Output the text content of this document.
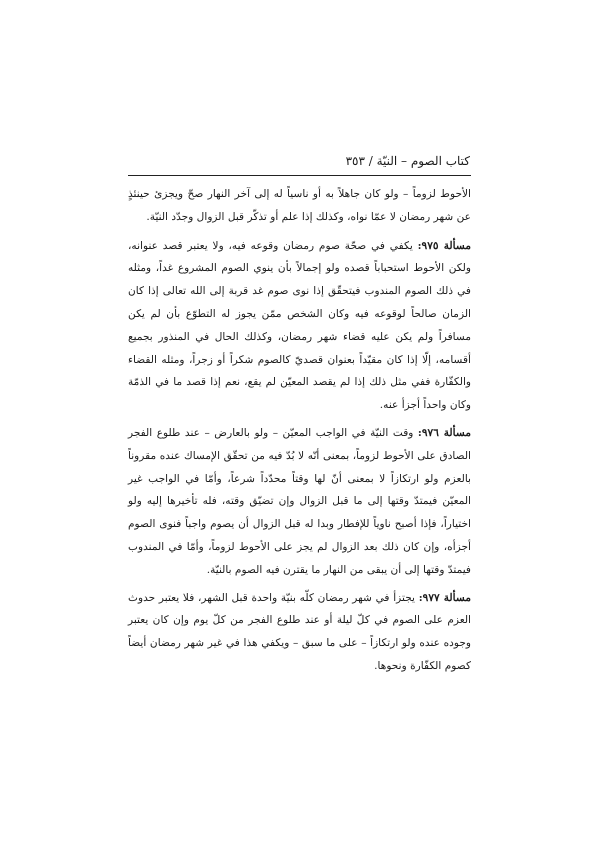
كتاب الصوم – النيّة / ٣٥٣

الأحوط لزوماً – ولو كان جاهلاً به أو ناسياً له إلى آخر النهار صحّ ويجزئ حينئذٍ عن شهر رمضان لا عمّا نواه، وكذلك إذا علم أو تذكّر قبل الزوال وجدّد النيّة.

مسألة ٩٧٥: يكفي في صحّة صوم رمضان وقوعه فيه، ولا يعتبر قصد عنوانه، ولكن الأحوط استحباباً قصده ولو إجمالاً بأن ينوي الصوم المشروع غداً، ومثله في ذلك الصوم المندوب فيتحقّق إذا نوى صوم غد قربة إلى الله تعالى إذا كان الزمان صالحاً لوقوعه فيه وكان الشخص ممّن يجوز له التطوّع بأن لم يكن مسافراً ولم يكن عليه قضاء شهر رمضان، وكذلك الحال في المنذور بجميع أقسامه، إلّا إذا كان مقيّداً بعنوان قصديّ كالصوم شكراً أو زجراً، ومثله القضاء والكفّارة ففي مثل ذلك إذا لم يقصد المعيّن لم يقع، نعم إذا قصد ما في الذمّة وكان واحداً أجزأ عنه.

مسألة ٩٧٦: وقت النيّة في الواجب المعيّن – ولو بالعارض – عند طلوع الفجر الصادق على الأحوط لزوماً، بمعنى أنّه لا بُدّ فيه من تحقّق الإمساك عنده مقروناً بالعزم ولو ارتكازاً لا بمعنى أنّ لها وقتاً محدّداً شرعاً، وأمّا في الواجب غير المعيّن فيمتدّ وقتها إلى ما قبل الزوال وإن تضيّق وقته، فله تأخيرها إليه ولو اختياراً، فإذا أصبح ناوياً للإفطار وبدا له قبل الزوال أن يصوم واجباً فنوى الصوم أجزأه، وإن كان ذلك بعد الزوال لم يجز على الأحوط لزوماً، وأمّا في المندوب فيمتدّ وقتها إلى أن يبقى من النهار ما يقترن فيه الصوم بالنيّة.

مسألة ٩٧٧: يجتزأ في شهر رمضان كلّه بنيّة واحدة قبل الشهر، فلا يعتبر حدوث العزم على الصوم في كلّ ليلة أو عند طلوع الفجر من كلّ يوم وإن كان يعتبر وجوده عنده ولو ارتكازاً – على ما سبق – ويكفي هذا في غير شهر رمضان أيضاً كصوم الكفّارة ونحوها.
